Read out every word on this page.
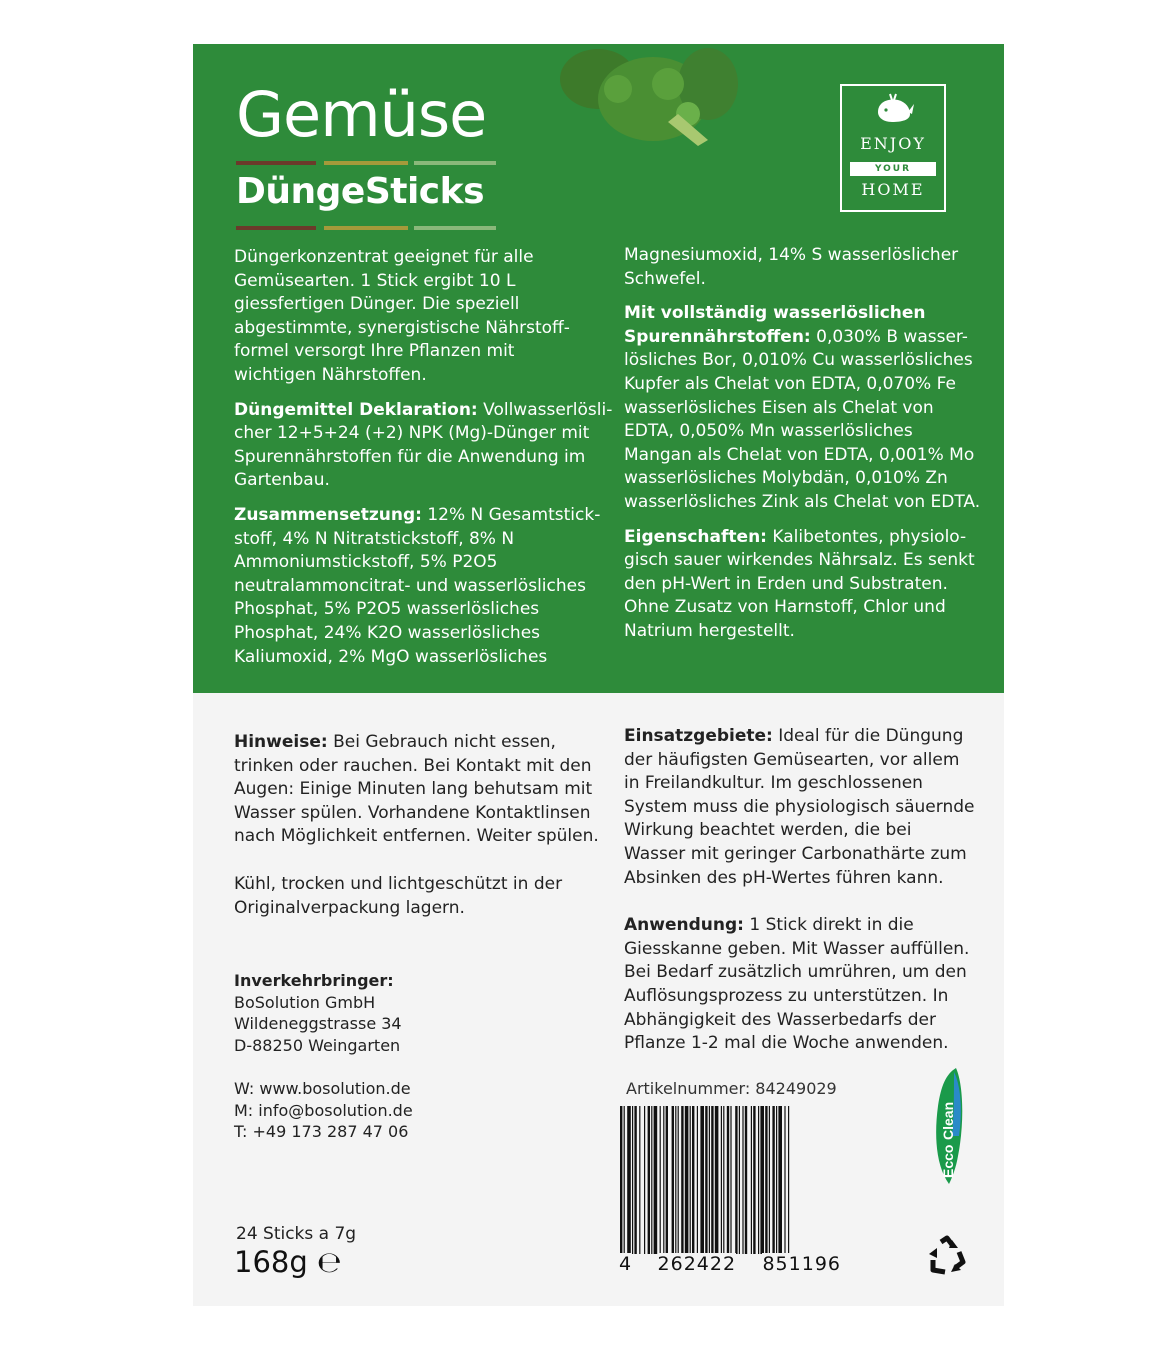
Gemüse
DüngeSticks
ENJOY
YOUR
HOME

Düngerkonzentrat geeignet für alle
Gemüsearten. 1 Stick ergibt 10 L
giessfertigen Dünger. Die speziell
abgestimmte, synergistische Nährstoff-
formel versorgt Ihre Pflanzen mit
wichtigen Nährstoffen.

Düngemittel Deklaration: Vollwasserlösli-
cher 12+5+24 (+2) NPK (Mg)-Dünger mit
Spurennährstoffen für die Anwendung im
Gartenbau.

Zusammensetzung: 12% N Gesamtstick-
stoff, 4% N Nitratstickstoff, 8% N
Ammoniumstickstoff, 5% P2O5
neutralammoncitrat- und wasserlösliches
Phosphat, 5% P2O5 wasserlösliches
Phosphat, 24% K2O wasserlösliches
Kaliumoxid, 2% MgO wasserlösliches

Magnesiumoxid, 14% S wasserlöslicher
Schwefel.

Mit vollständig wasserlöslichen
Spurennährstoffen: 0,030% B wasser-
lösliches Bor, 0,010% Cu wasserlösliches
Kupfer als Chelat von EDTA, 0,070% Fe
wasserlösliches Eisen als Chelat von
EDTA, 0,050% Mn wasserlösliches
Mangan als Chelat von EDTA, 0,001% Mo
wasserlösliches Molybdän, 0,010% Zn
wasserlösliches Zink als Chelat von EDTA.

Eigenschaften: Kalibetontes, physiolo-
gisch sauer wirkendes Nährsalz. Es senkt
den pH-Wert in Erden und Substraten.
Ohne Zusatz von Harnstoff, Chlor und
Natrium hergestellt.

Hinweise: Bei Gebrauch nicht essen,
trinken oder rauchen. Bei Kontakt mit den
Augen: Einige Minuten lang behutsam mit
Wasser spülen. Vorhandene Kontaktlinsen
nach Möglichkeit entfernen. Weiter spülen.

Kühl, trocken und lichtgeschützt in der
Originalverpackung lagern.

Inverkehrbringer:
BoSolution GmbH
Wildeneggstrasse 34
D-88250 Weingarten

W: www.bosolution.de
M: info@bosolution.de
T: +49 173 287 47 06

Einsatzgebiete: Ideal für die Düngung
der häufigsten Gemüsearten, vor allem
in Freilandkultur. Im geschlossenen
System muss die physiologisch säuernde
Wirkung beachtet werden, die bei
Wasser mit geringer Carbonathärte zum
Absinken des pH-Wertes führen kann.

Anwendung: 1 Stick direkt in die
Giesskanne geben. Mit Wasser auffüllen.
Bei Bedarf zusätzlich umrühren, um den
Auflösungsprozess zu unterstützen. In
Abhängigkeit des Wasserbedarfs der
Pflanze 1-2 mal die Woche anwenden.

Artikelnummer: 84249029

4 262422 851196
Ecco
Clean

24 Sticks a 7g

168g ℮
